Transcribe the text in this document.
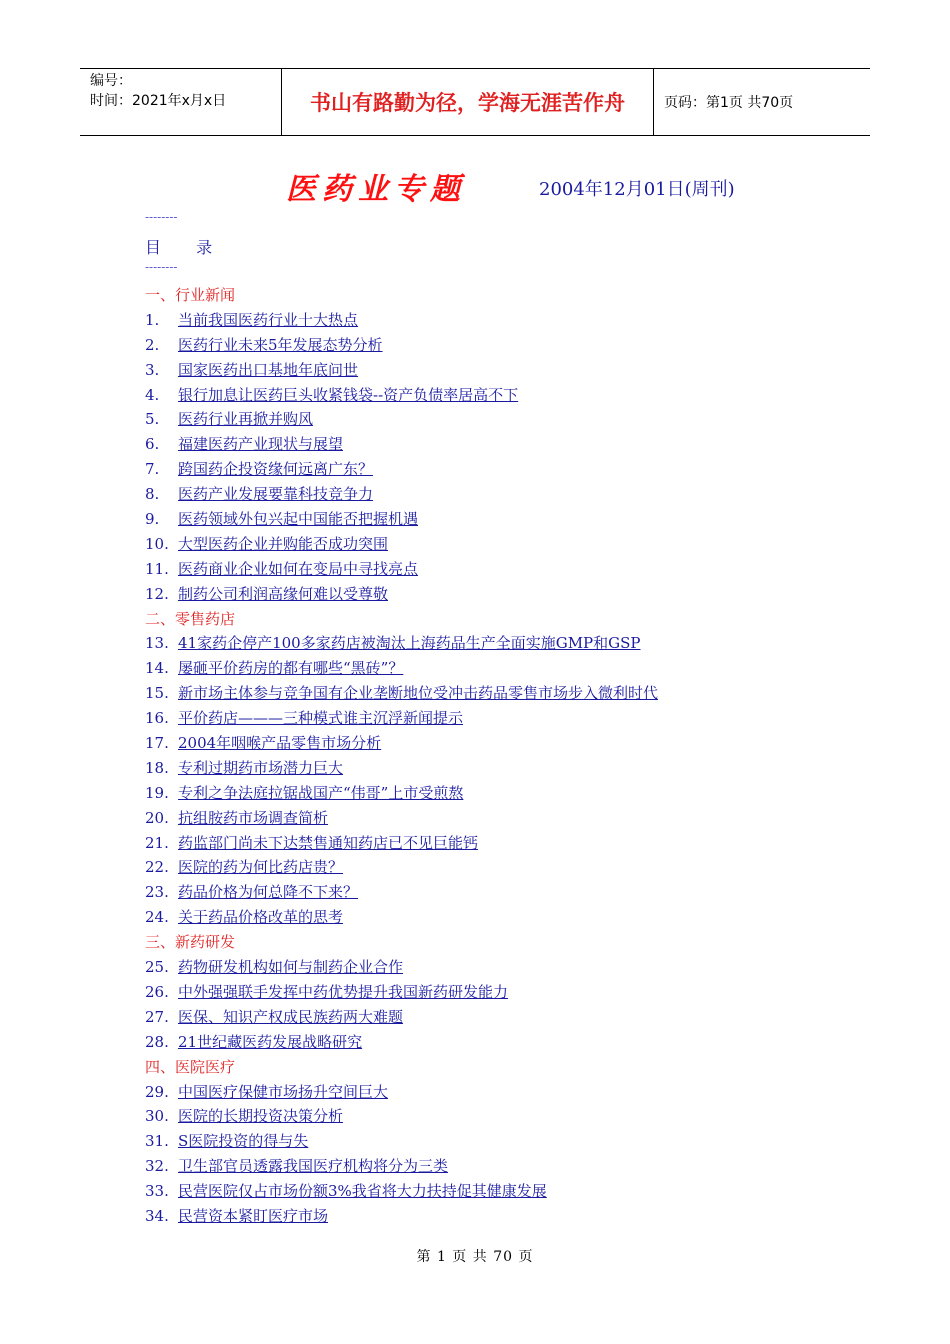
编号：
时间：2021年x月x日	书山有路勤为径，学海无涯苦作舟	页码：第1页 共70页
医药业专题	2004年12月01日(周刊)
--------
目 录
--------
一、行业新闻
1. 当前我国医药行业十大热点
2. 医药行业未来5年发展态势分析
3. 国家医药出口基地年底问世
4. 银行加息让医药巨头收紧钱袋--资产负债率居高不下
5. 医药行业再掀并购风
6. 福建医药产业现状与展望
7. 跨国药企投资缘何远离广东？
8. 医药产业发展要靠科技竞争力
9. 医药领域外包兴起中国能否把握机遇
10. 大型医药企业并购能否成功突围
11. 医药商业企业如何在变局中寻找亮点
12. 制药公司利润高缘何难以受尊敬
二、零售药店
13. 41家药企停产100多家药店被淘汰上海药品生产全面实施GMP和GSP
14. 屡砸平价药房的都有哪些“黑砖”？
15. 新市场主体参与竞争国有企业垄断地位受冲击药品零售市场步入微利时代
16. 平价药店———三种模式谁主沉浮新闻提示
17. 2004年咽喉产品零售市场分析
18. 专利过期药市场潜力巨大
19. 专利之争法庭拉锯战国产“伟哥”上市受煎熬
20. 抗组胺药市场调查简析
21. 药监部门尚未下达禁售通知药店已不见巨能钙
22. 医院的药为何比药店贵？
23. 药品价格为何总降不下来？
24. 关于药品价格改革的思考
三、新药研发
25. 药物研发机构如何与制药企业合作
26. 中外强强联手发挥中药优势提升我国新药研发能力
27. 医保、知识产权成民族药两大难题
28. 21世纪藏医药发展战略研究
四、医院医疗
29. 中国医疗保健市场扬升空间巨大
30. 医院的长期投资决策分析
31. S医院投资的得与失
32. 卫生部官员透露我国医疗机构将分为三类
33. 民营医院仅占市场份额3%我省将大力扶持促其健康发展
34. 民营资本紧盯医疗市场
第 1 页 共 70 页
